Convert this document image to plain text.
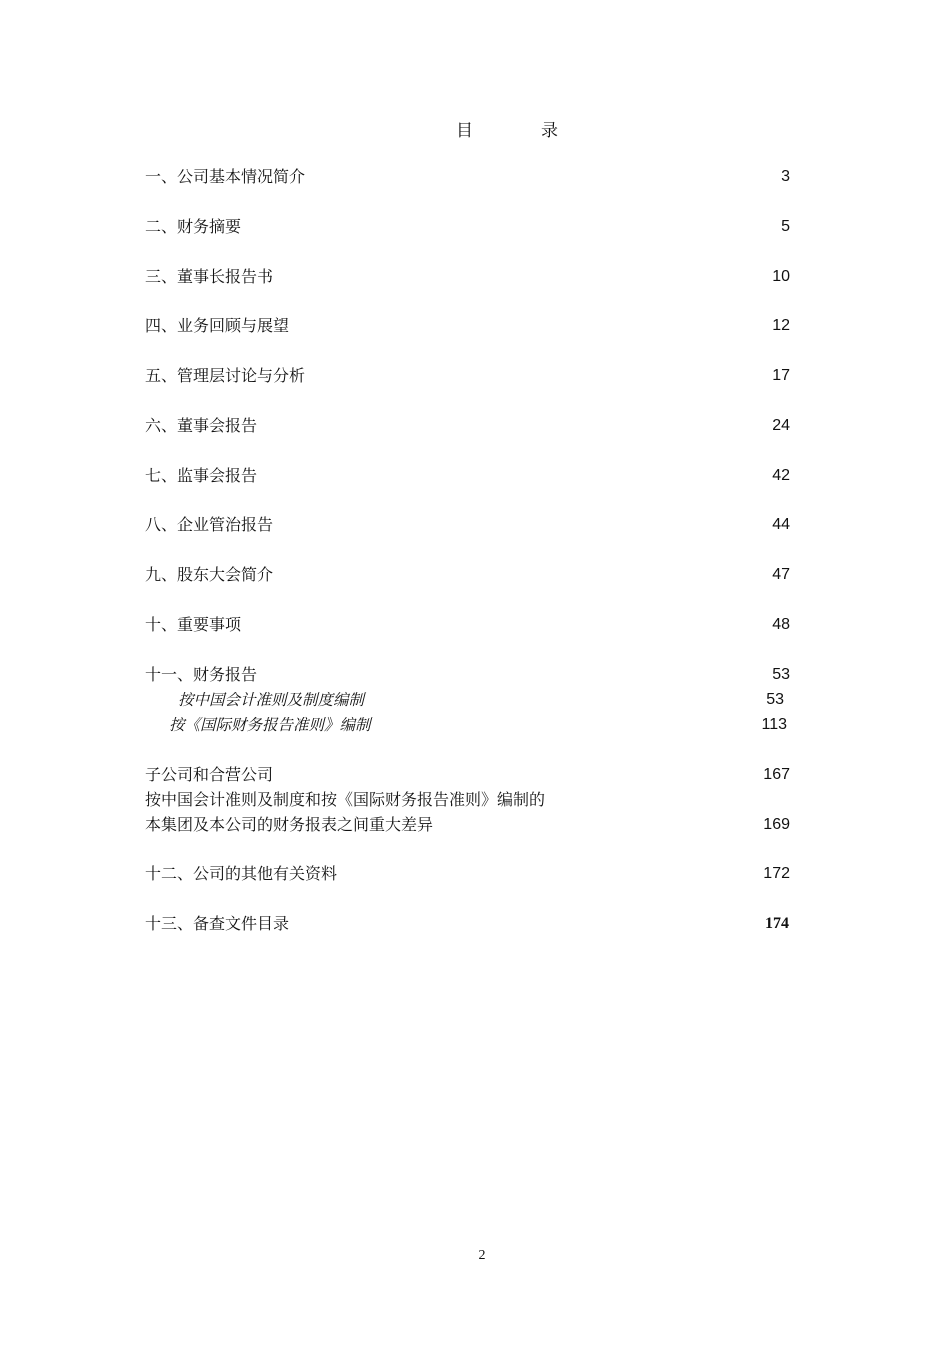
目	录
一、公司基本情况简介	3
二、财务摘要	5
三、董事长报告书	10
四、业务回顾与展望	12
五、管理层讨论与分析	17
六、董事会报告	24
七、监事会报告	42
八、企业管治报告	44
九、股东大会简介	47
十、重要事项	48
十一、财务报告	53
按中国会计准则及制度编制	53
按《国际财务报告准则》编制	113
子公司和合营公司	167
按中国会计准则及制度和按《国际财务报告准则》编制的
本集团及本公司的财务报表之间重大差异	169
十二、公司的其他有关资料	172
十三、备查文件目录	174
2
